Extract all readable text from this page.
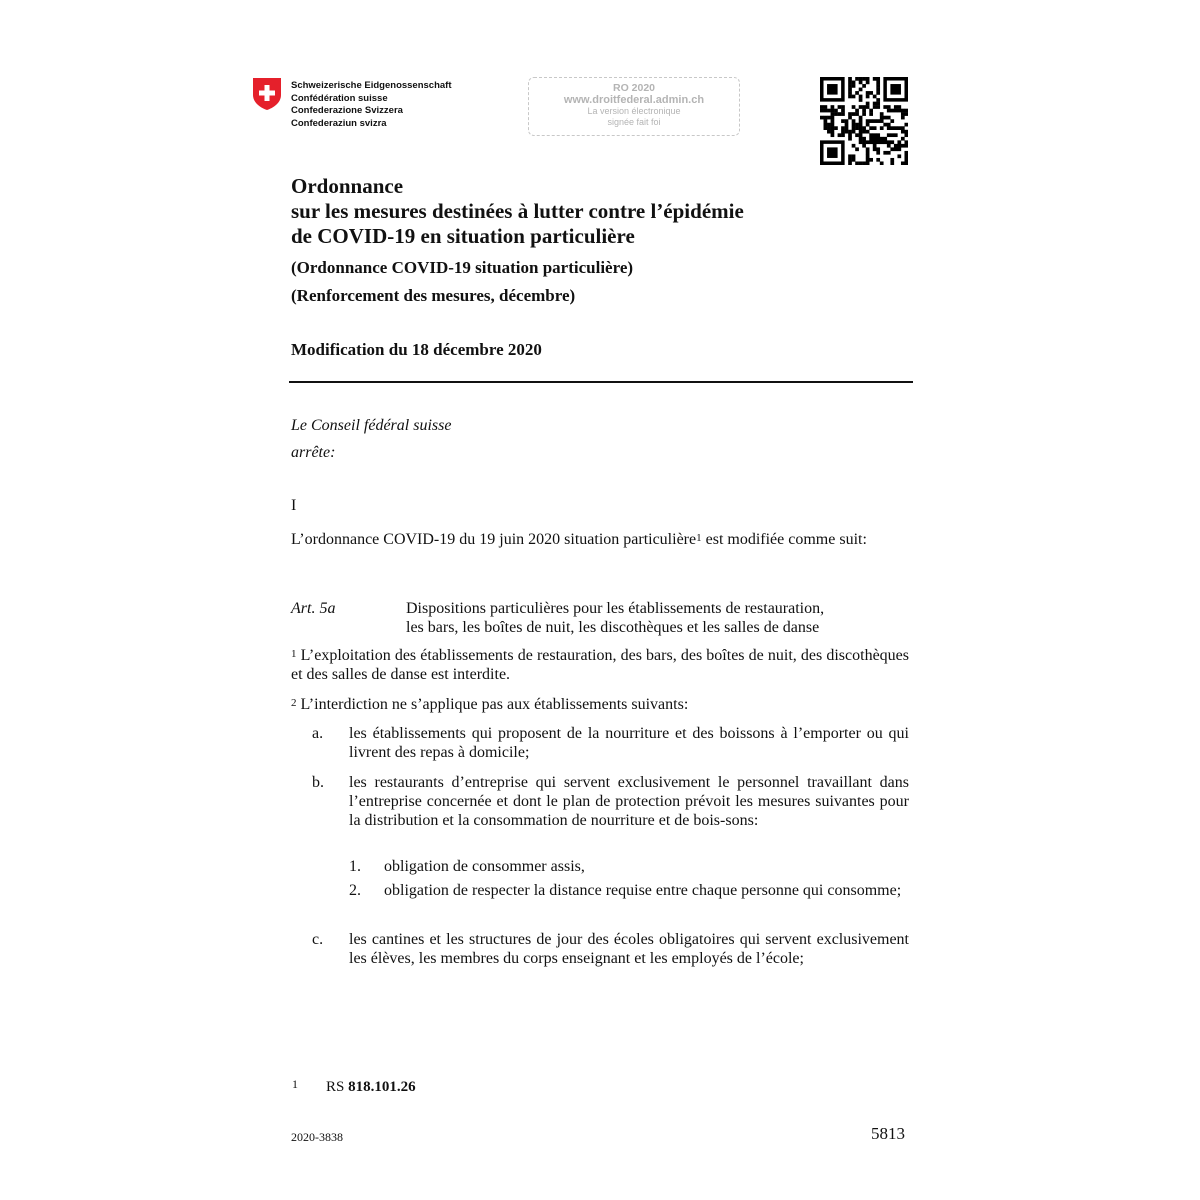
Schweizerische Eidgenossenschaft
Confédération suisse
Confederazione Svizzera
Confederaziun svizra
RO 2020
www.droitfederal.admin.ch
La version électronique
signée fait foi
Ordonnance
sur les mesures destinées à lutter contre l’épidémie
de COVID-19 en situation particulière
(Ordonnance COVID-19 situation particulière)
(Renforcement des mesures, décembre)
Modification du 18 décembre 2020
Le Conseil fédéral suisse
arrête:
I
L’ordonnance COVID-19 du 19 juin 2020 situation particulière$^1$ est modifiée comme suit:
Art. 5a	Dispositions particulières pour les établissements de restauration,
les bars, les boîtes de nuit, les discothèques et les salles de danse
$^1$ L’exploitation des établissements de restauration, des bars, des boîtes de nuit, des discothèques et des salles de danse est interdite.
$^2$ L’interdiction ne s’applique pas aux établissements suivants:
a. les établissements qui proposent de la nourriture et des boissons à l’emporter ou qui livrent des repas à domicile;
b. les restaurants d’entreprise qui servent exclusivement le personnel travaillant dans l’entreprise concernée et dont le plan de protection prévoit les mesures suivantes pour la distribution et la consommation de nourriture et de bois-sons:
1. obligation de consommer assis,
2. obligation de respecter la distance requise entre chaque personne qui consomme;
c. les cantines et les structures de jour des écoles obligatoires qui servent exclusivement les élèves, les membres du corps enseignant et les employés de l’école;
1 RS 818.101.26
2020-3838	5813
